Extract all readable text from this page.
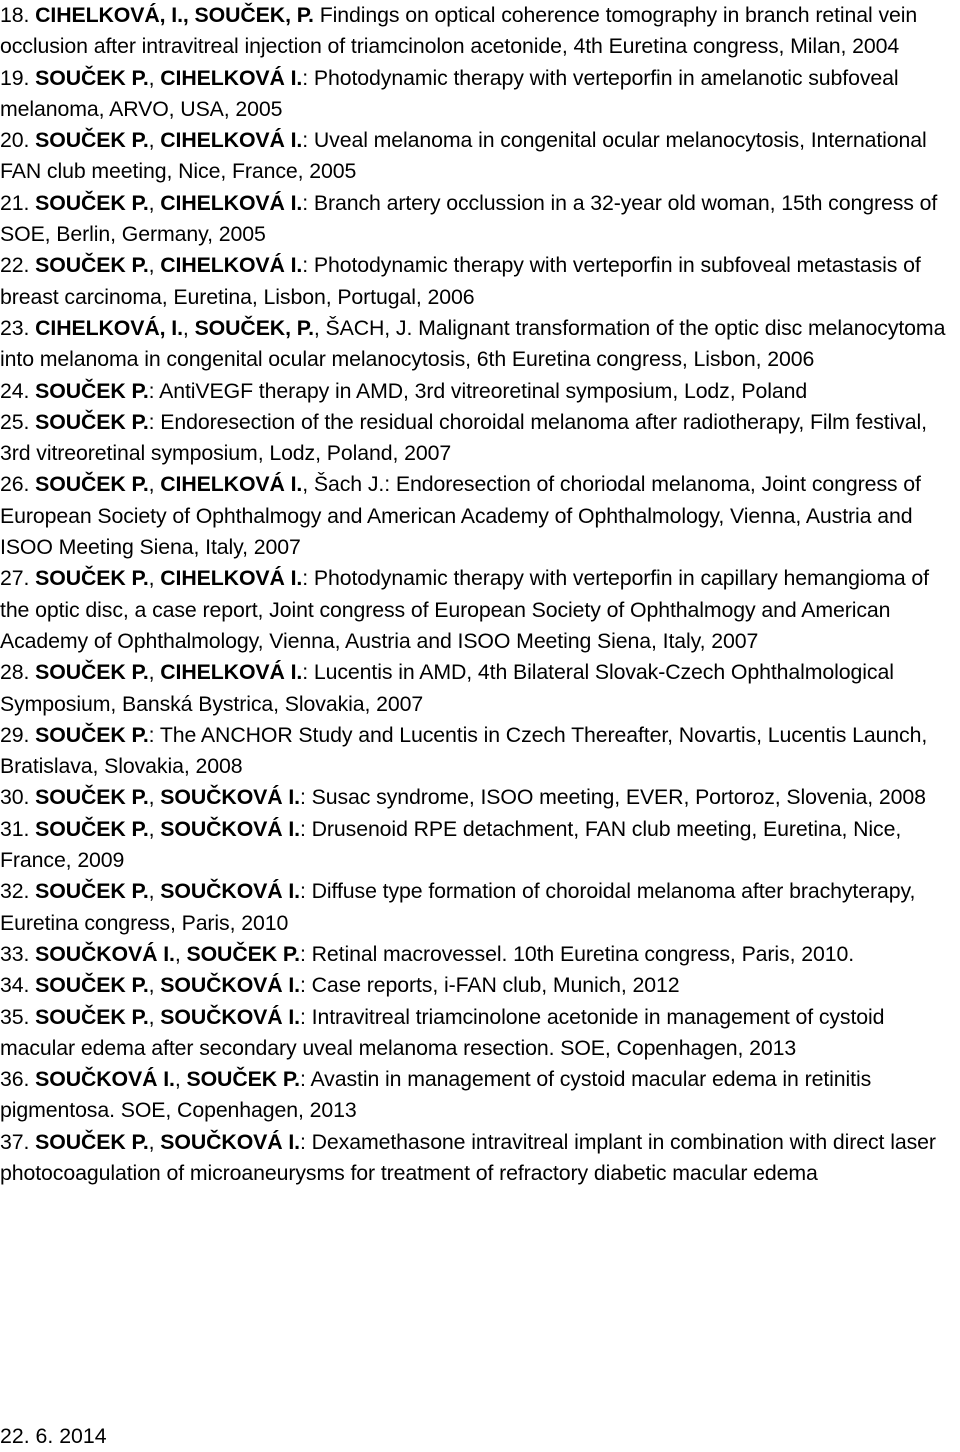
18. CIHELKOVÁ, I., SOUČEK, P. Findings on optical coherence tomography in branch retinal vein occlusion after intravitreal injection of triamcinolon acetonide, 4th Euretina congress, Milan, 2004
19. SOUČEK P., CIHELKOVÁ I.: Photodynamic therapy with verteporfin in amelanotic subfoveal melanoma, ARVO, USA, 2005
20. SOUČEK P., CIHELKOVÁ I.: Uveal melanoma in congenital ocular melanocytosis, International FAN club meeting, Nice, France, 2005
21. SOUČEK P., CIHELKOVÁ I.: Branch artery occlussion in a 32-year old woman, 15th congress of SOE, Berlin, Germany, 2005
22. SOUČEK P., CIHELKOVÁ I.: Photodynamic therapy with verteporfin in subfoveal metastasis of breast carcinoma, Euretina, Lisbon, Portugal, 2006
23. CIHELKOVÁ, I., SOUČEK, P., ŠACH, J. Malignant transformation of the optic disc melanocytoma into melanoma in congenital ocular melanocytosis, 6th Euretina congress, Lisbon, 2006
24. SOUČEK P.: AntiVEGF therapy in AMD, 3rd vitreoretinal symposium, Lodz, Poland
25. SOUČEK P.: Endoresection of the residual choroidal melanoma after radiotherapy, Film festival, 3rd vitreoretinal symposium, Lodz, Poland, 2007
26. SOUČEK P., CIHELKOVÁ I., Šach J.: Endoresection of choriodal melanoma, Joint congress of European Society of Ophthalmogy and American Academy of Ophthalmology, Vienna, Austria and ISOO Meeting Siena, Italy, 2007
27. SOUČEK P., CIHELKOVÁ I.: Photodynamic therapy with verteporfin in capillary hemangioma of the optic disc, a case report, Joint congress of European Society of Ophthalmogy and American Academy of Ophthalmology, Vienna, Austria and ISOO Meeting Siena, Italy, 2007
28. SOUČEK P., CIHELKOVÁ I.: Lucentis in AMD, 4th Bilateral Slovak-Czech Ophthalmological Symposium, Banská Bystrica, Slovakia, 2007
29. SOUČEK P.: The ANCHOR Study and Lucentis in Czech Thereafter, Novartis, Lucentis Launch, Bratislava, Slovakia, 2008
30. SOUČEK P., SOUČKOVÁ I.: Susac syndrome, ISOO meeting, EVER, Portoroz, Slovenia, 2008
31. SOUČEK P., SOUČKOVÁ I.: Drusenoid RPE detachment, FAN club meeting, Euretina, Nice, France, 2009
32. SOUČEK P., SOUČKOVÁ I.: Diffuse type formation of choroidal melanoma after brachyterapy, Euretina congress, Paris, 2010
33. SOUČKOVÁ I., SOUČEK P.: Retinal macrovessel. 10th Euretina congress, Paris, 2010.
34. SOUČEK P., SOUČKOVÁ I.: Case reports, i-FAN club, Munich, 2012
35. SOUČEK P., SOUČKOVÁ I.: Intravitreal triamcinolone acetonide in management of cystoid macular edema after secondary uveal melanoma resection. SOE, Copenhagen, 2013
36. SOUČKOVÁ I., SOUČEK P.: Avastin in management of cystoid macular edema in retinitis pigmentosa. SOE, Copenhagen, 2013
37. SOUČEK P., SOUČKOVÁ I.: Dexamethasone intravitreal implant in combination with direct laser photocoagulation of microaneurysms for treatment of refractory diabetic macular edema
22. 6. 2014
